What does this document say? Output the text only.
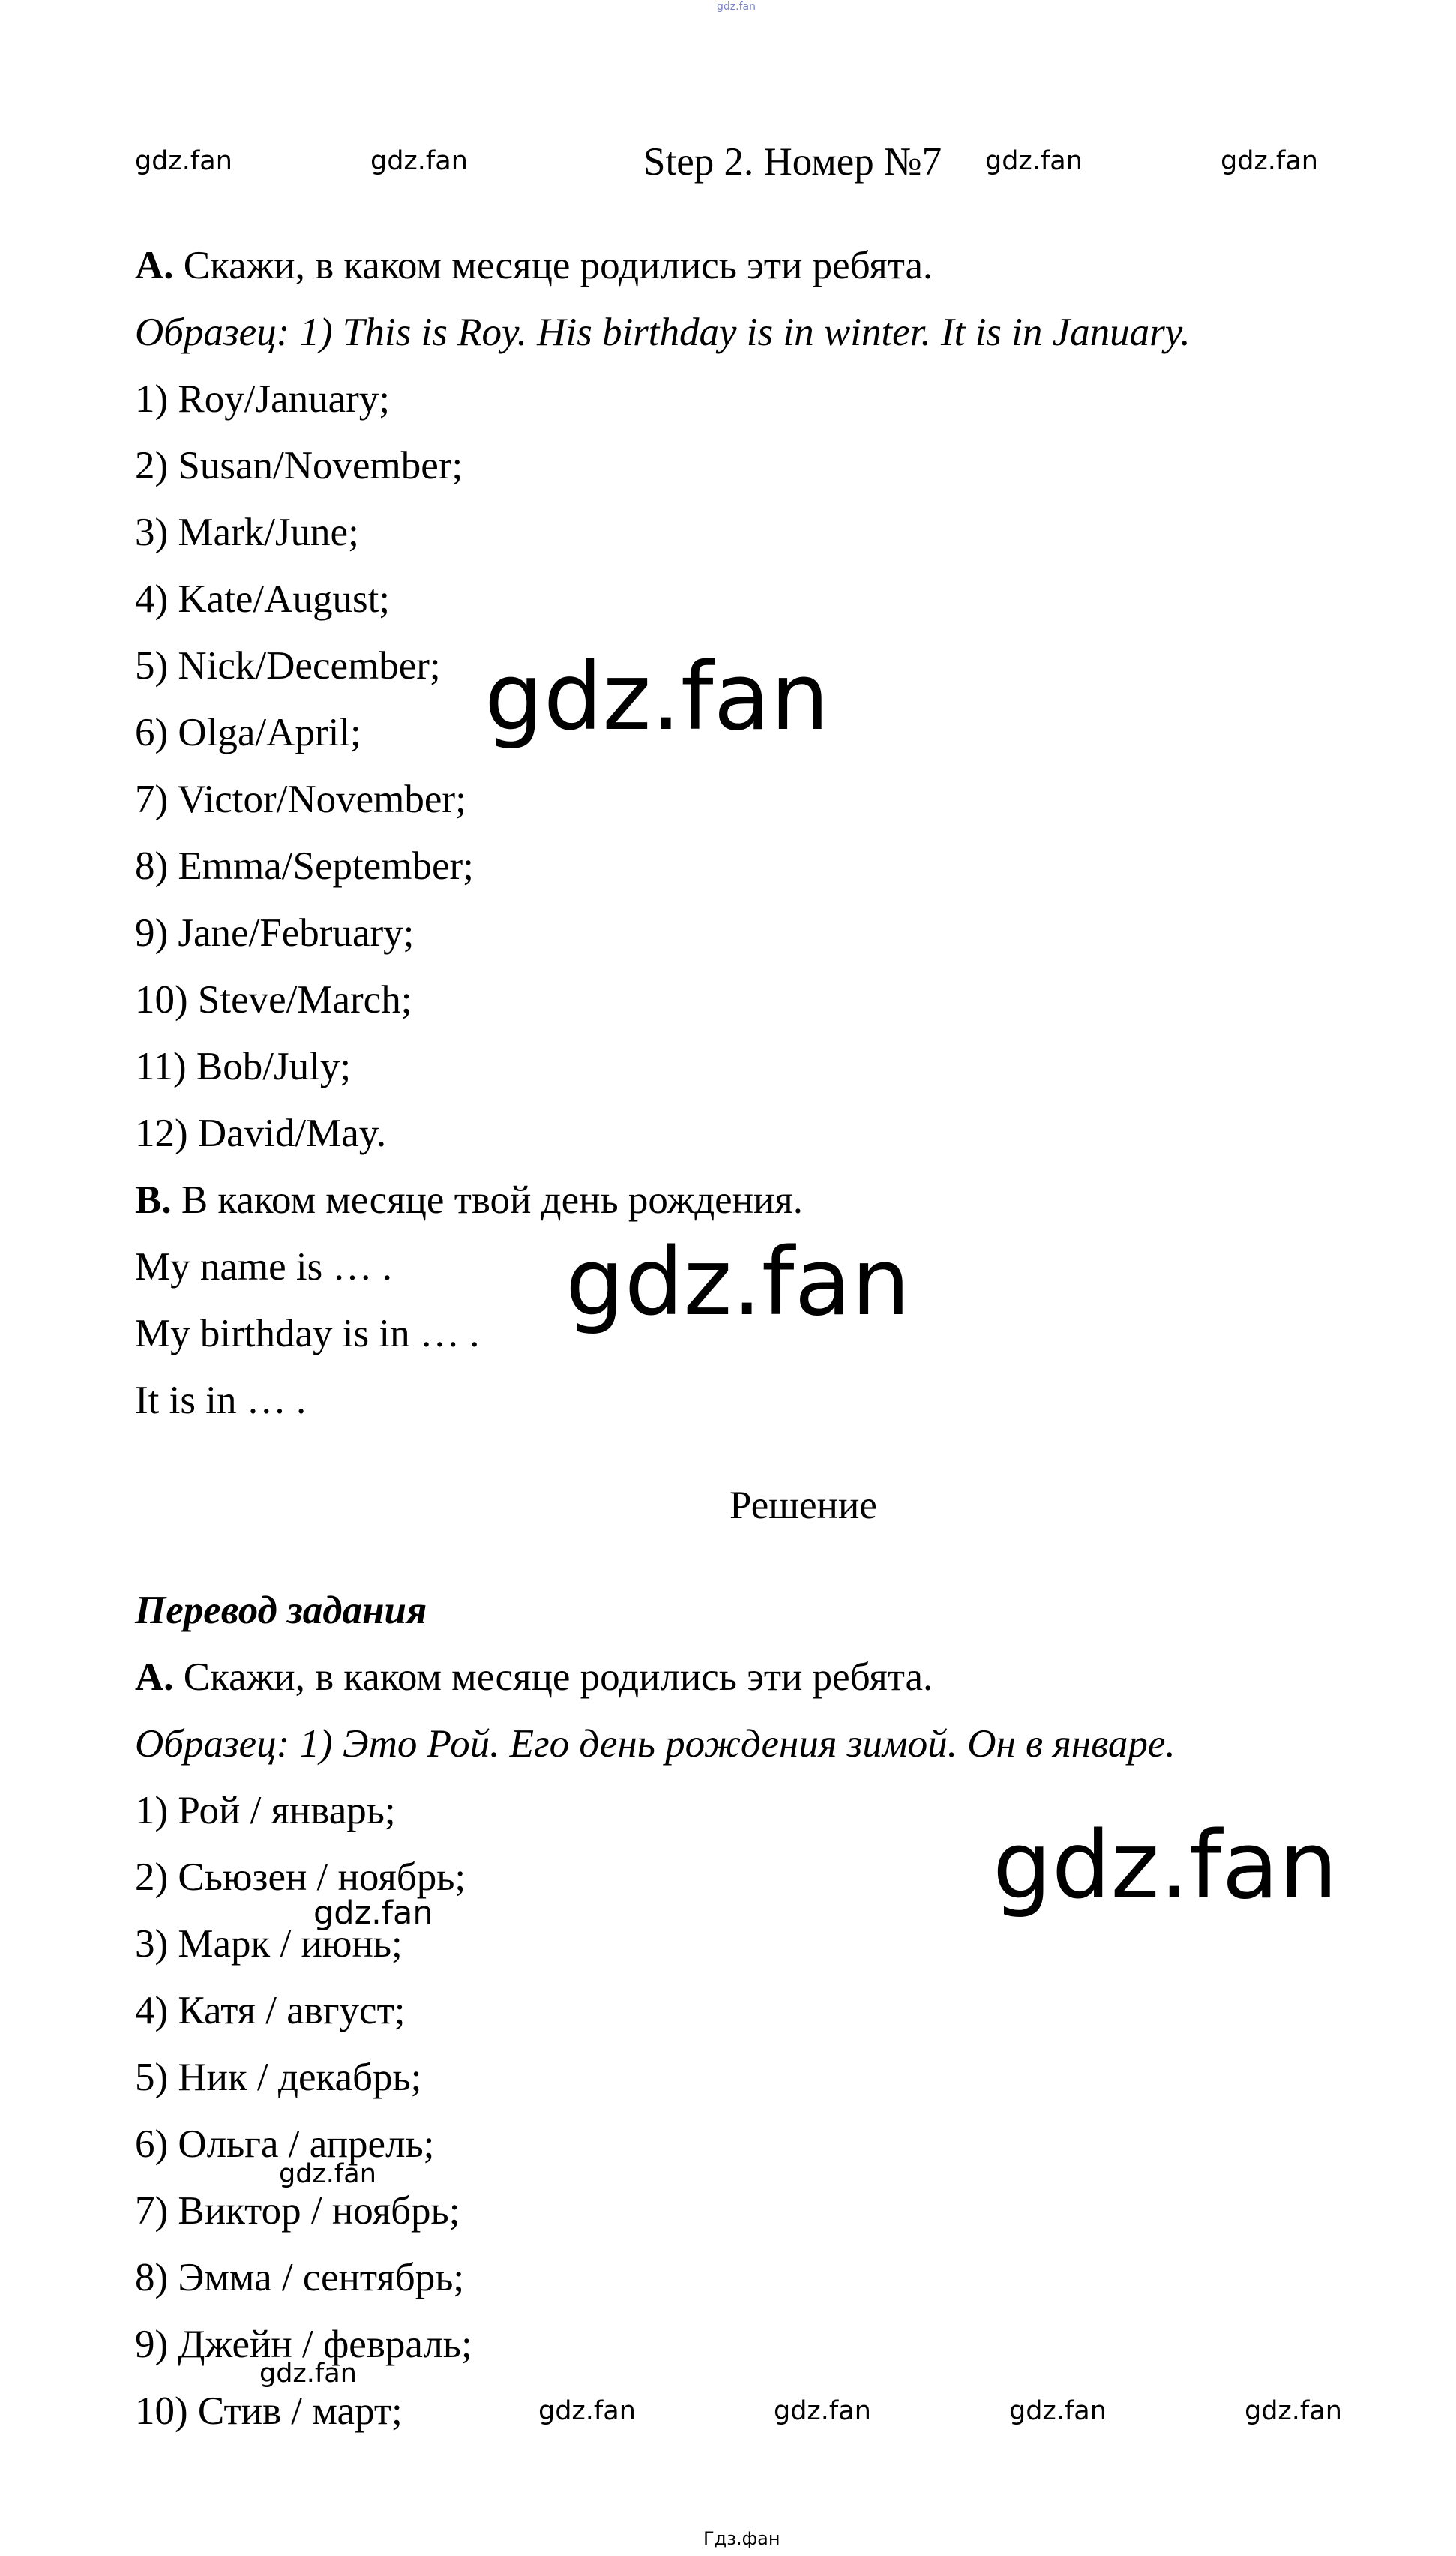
gdz.fan
gdz.fan	gdz.fan	Step 2. Номер №7 gdz.fan	gdz.fan
А. Скажи, в каком месяце родились эти ребята.
Образец: 1) This is Roy. His birthday is in winter. It is in January.
1) Roy/January;
2) Susan/November;
3) Mark/June;
4) Kate/August;
5) Nick/December;
6) Olga/April;
7) Victor/November;
8) Emma/September;
9) Jane/February;
10) Steve/March;
11) Bob/July;
12) David/May.
B. В каком месяце твой день рождения.
My name is … .
My birthday is in … .
It is in … .
Решение
Перевод задания
А. Скажи, в каком месяце родились эти ребята.
Образец: 1) Это Рой. Его день рождения зимой. Он в январе.
1) Рой / январь;
2) Сьюзен / ноябрь;
3) Марк / июнь;
4) Катя / август;
5) Ник / декабрь;
6) Ольга / апрель;
7) Виктор / ноябрь;
8) Эмма / сентябрь;
9) Джейн / февраль;
10) Стив / март;
gdz.fan
gdz.fan
gdz.fan
gdz.fan
gdz.fan
gdz.fan
gdz.fan	gdz.fan	gdz.fan	gdz.fan
Гдз.фан
